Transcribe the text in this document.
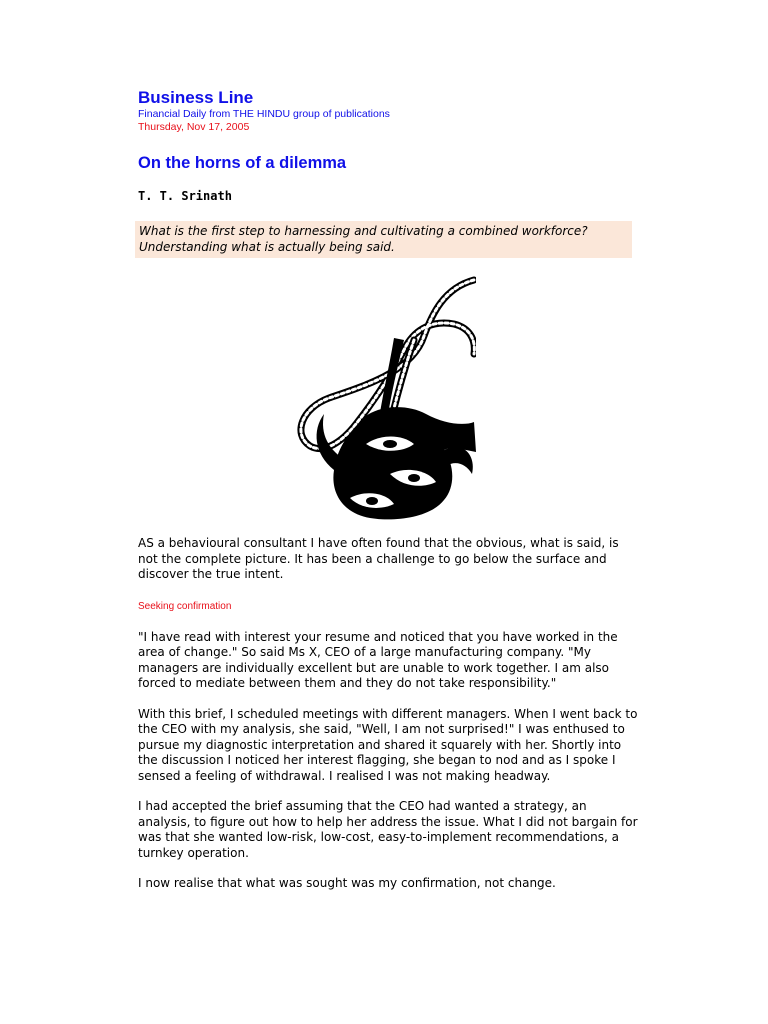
Business Line
Financial Daily from THE HINDU group of publications
Thursday, Nov 17, 2005
On the horns of a dilemma
T. T. Srinath
What is the first step to harnessing and cultivating a combined workforce? Understanding what is actually being said.

AS a behavioural consultant I have often found that the obvious, what is said, is not the complete picture. It has been a challenge to go below the surface and discover the true intent.

Seeking confirmation

"I have read with interest your resume and noticed that you have worked in the area of change." So said Ms X, CEO of a large manufacturing company. "My managers are individually excellent but are unable to work together. I am also forced to mediate between them and they do not take responsibility."

With this brief, I scheduled meetings with different managers. When I went back to the CEO with my analysis, she said, "Well, I am not surprised!" I was enthused to pursue my diagnostic interpretation and shared it squarely with her. Shortly into the discussion I noticed her interest flagging, she began to nod and as I spoke I sensed a feeling of withdrawal. I realised I was not making headway.

I had accepted the brief assuming that the CEO had wanted a strategy, an analysis, to figure out how to help her address the issue. What I did not bargain for was that she wanted low-risk, low-cost, easy-to-implement recommendations, a turnkey operation.

I now realise that what was sought was my confirmation, not change.
